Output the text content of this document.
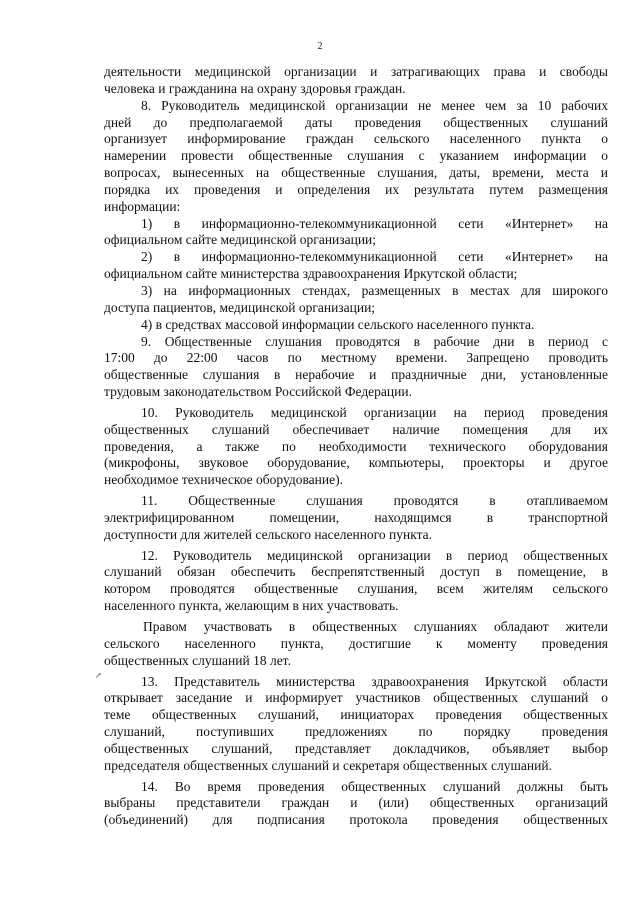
2
деятельности медицинской организации и затрагивающих права и свободы
человека и гражданина на охрану здоровья граждан.
8. Руководитель медицинской организации не менее чем за 10 рабочих
дней до предполагаемой даты проведения общественных слушаний
организует информирование граждан сельского населенного пункта о
намерении провести общественные слушания с указанием информации о
вопросах, вынесенных на общественные слушания, даты, времени, места и
порядка их проведения и определения их результата путем размещения
информации:
1) в информационно-телекоммуникационной сети «Интернет» на
официальном сайте медицинской организации;
2) в информационно-телекоммуникационной сети «Интернет» на
официальном сайте министерства здравоохранения Иркутской области;
3) на информационных стендах, размещенных в местах для широкого
доступа пациентов, медицинской организации;
4) в средствах массовой информации сельского населенного пункта.
9. Общественные слушания проводятся в рабочие дни в период с
17:00 до 22:00 часов по местному времени. Запрещено проводить
общественные слушания в нерабочие и праздничные дни, установленные
трудовым законодательством Российской Федерации.
10. Руководитель медицинской организации на период проведения
общественных слушаний обеспечивает наличие помещения для их
проведения, а также по необходимости технического оборудования
(микрофоны, звуковое оборудование, компьютеры, проекторы и другое
необходимое техническое оборудование).
11. Общественные слушания проводятся в отапливаемом
электрифицированном помещении, находящимся в транспортной
доступности для жителей сельского населенного пункта.
12. Руководитель медицинской организации в период общественных
слушаний обязан обеспечить беспрепятственный доступ в помещение, в
котором проводятся общественные слушания, всем жителям сельского
населенного пункта, желающим в них участвовать.
Правом участвовать в общественных слушаниях обладают жители
сельского населенного пункта, достигшие к моменту проведения
общественных слушаний 18 лет.
13. Представитель министерства здравоохранения Иркутской области
открывает заседание и информирует участников общественных слушаний о
теме общественных слушаний, инициаторах проведения общественных
слушаний, поступивших предложениях по порядку проведения
общественных слушаний, представляет докладчиков, объявляет выбор
председателя общественных слушаний и секретаря общественных слушаний.
14. Во время проведения общественных слушаний должны быть
выбраны представители граждан и (или) общественных организаций
(объединений) для подписания протокола проведения общественных
↗
